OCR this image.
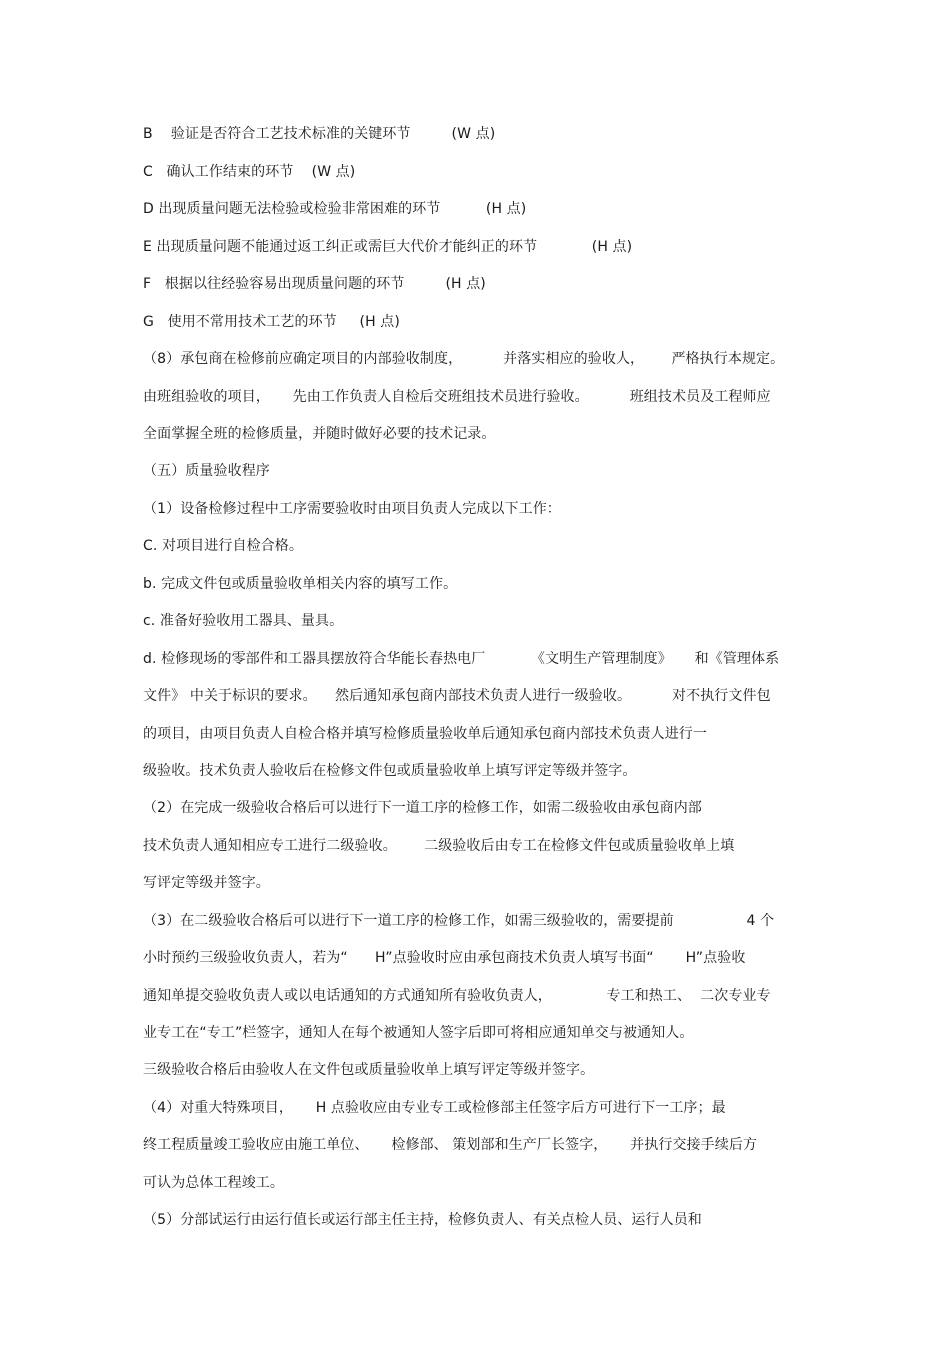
B    验证是否符合工艺技术标准的关键环节         (W 点)
C   确认工作结束的环节    (W 点)
D 出现质量问题无法检验或检验非常困难的环节          (H 点)
E 出现质量问题不能通过返工纠正或需巨大代价才能纠正的环节            (H 点)
F   根据以往经验容易出现质量问题的环节         (H 点)
G   使用不常用技术工艺的环节     (H 点)
（8）承包商在检修前应确定项目的内部验收制度，         并落实相应的验收人，      严格执行本规定。
由班组验收的项目，     先由工作负责人自检后交班组技术员进行验收。         班组技术员及工程师应
全面掌握全班的检修质量，并随时做好必要的技术记录。
（五）质量验收程序
（1）设备检修过程中工序需要验收时由项目负责人完成以下工作：
C. 对项目进行自检合格。
b. 完成文件包或质量验收单相关内容的填写工作。
c. 准备好验收用工器具、量具。
d. 检修现场的零部件和工器具摆放符合华能长春热电厂          《文明生产管理制度》     和《管理体系
文件》 中关于标识的要求。    然后通知承包商内部技术负责人进行一级验收。         对不执行文件包
的项目，由项目负责人自检合格并填写检修质量验收单后通知承包商内部技术负责人进行一
级验收。技术负责人验收后在检修文件包或质量验收单上填写评定等级并签字。
（2）在完成一级验收合格后可以进行下一道工序的检修工作，如需二级验收由承包商内部
技术负责人通知相应专工进行二级验收。      二级验收后由专工在检修文件包或质量验收单上填
写评定等级并签字。
（3）在二级验收合格后可以进行下一道工序的检修工作，如需三级验收的，需要提前                4 个
小时预约三级验收负责人，若为“      H”点验收时应由承包商技术负责人填写书面“       H”点验收
通知单提交验收负责人或以电话通知的方式通知所有验收负责人，            专工和热工、  二次专业专
业专工在“专工”栏签字，通知人在每个被通知人签字后即可将相应通知单交与被通知人。
三级验收合格后由验收人在文件包或质量验收单上填写评定等级并签字。
（4）对重大特殊项目，     H 点验收应由专业专工或检修部主任签字后方可进行下一工序；最
终工程质量竣工验收应由施工单位、     检修部、 策划部和生产厂长签字，     并执行交接手续后方
可认为总体工程竣工。
（5）分部试运行由运行值长或运行部主任主持，检修负责人、有关点检人员、运行人员和
